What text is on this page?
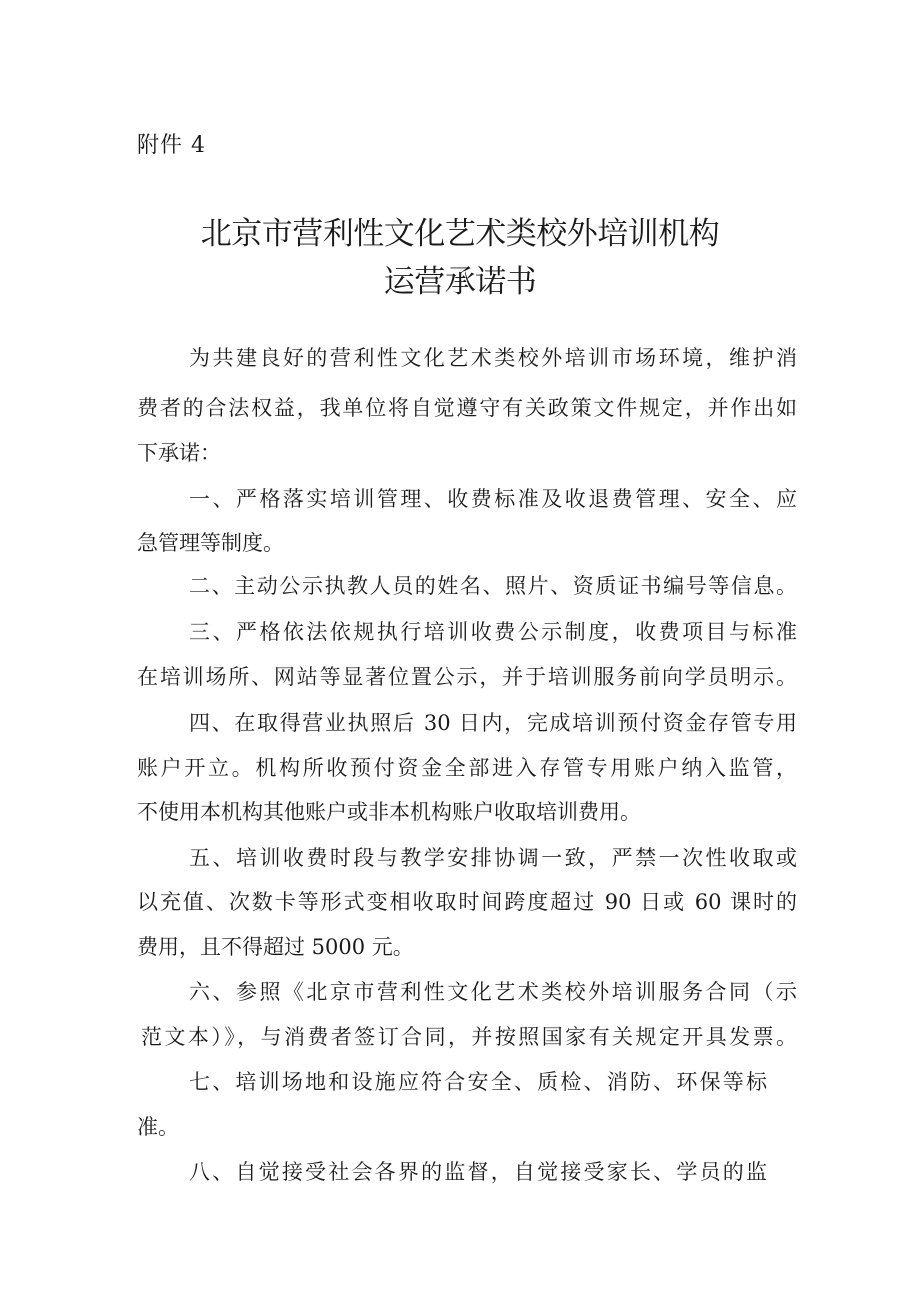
附件 4
北京市营利性文化艺术类校外培训机构
运营承诺书
为共建良好的营利性文化艺术类校外培训市场环境，维护消
费者的合法权益，我单位将自觉遵守有关政策文件规定，并作出如
下承诺：
一、严格落实培训管理、收费标准及收退费管理、安全、应
急管理等制度。
二、主动公示执教人员的姓名、照片、资质证书编号等信息。
三、严格依法依规执行培训收费公示制度，收费项目与标准
在培训场所、网站等显著位置公示，并于培训服务前向学员明示。
四、在取得营业执照后 30 日内，完成培训预付资金存管专用
账户开立。机构所收预付资金全部进入存管专用账户纳入监管，
不使用本机构其他账户或非本机构账户收取培训费用。
五、培训收费时段与教学安排协调一致，严禁一次性收取或
以充值、次数卡等形式变相收取时间跨度超过 90 日或 60 课时的
费用，且不得超过 5000 元。
六、参照《北京市营利性文化艺术类校外培训服务合同（示
范文本）》，与消费者签订合同，并按照国家有关规定开具发票。
七、培训场地和设施应符合安全、质检、消防、环保等标
准。
八、自觉接受社会各界的监督，自觉接受家长、学员的监
